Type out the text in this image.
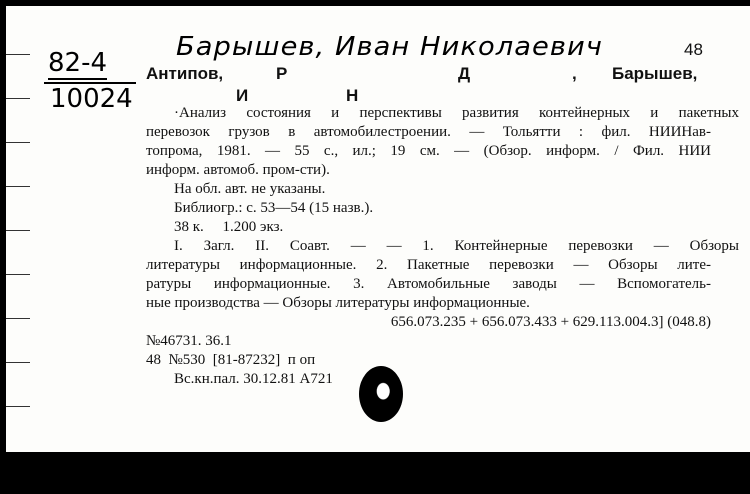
Барышев, Иван Николаевич
82-4
10024
48
Антипов,	Р	Д	, Барышев,
И	Н
·Анализ состояния и перспективы развития контейнерных и пакетных
перевозок грузов в автомобилестроении. — Тольятти : фил. НИИНав-
топрома, 1981. — 55 с., ил.; 19 см. — (Обзор. информ. / Фил. НИИ
информ. автомоб. пром-сти).
На обл. авт. не указаны.
Библиогр.: с. 53—54 (15 назв.).
38 к.     1.200 экз.
I. Загл. II. Соавт. — — 1. Контейнерные перевозки — Обзоры
литературы информационные. 2. Пакетные перевозки — Обзоры лите-
ратуры информационные. 3. Автомобильные заводы — Вспомогатель-
ные производства — Обзоры литературы информационные.
656.073.235 + 656.073.433 + 629.113.004.3] (048.8)
№46731. 36.1
48  №530  [81-87232]  п оп
Вс.кн.пал. 30.12.81 А721
